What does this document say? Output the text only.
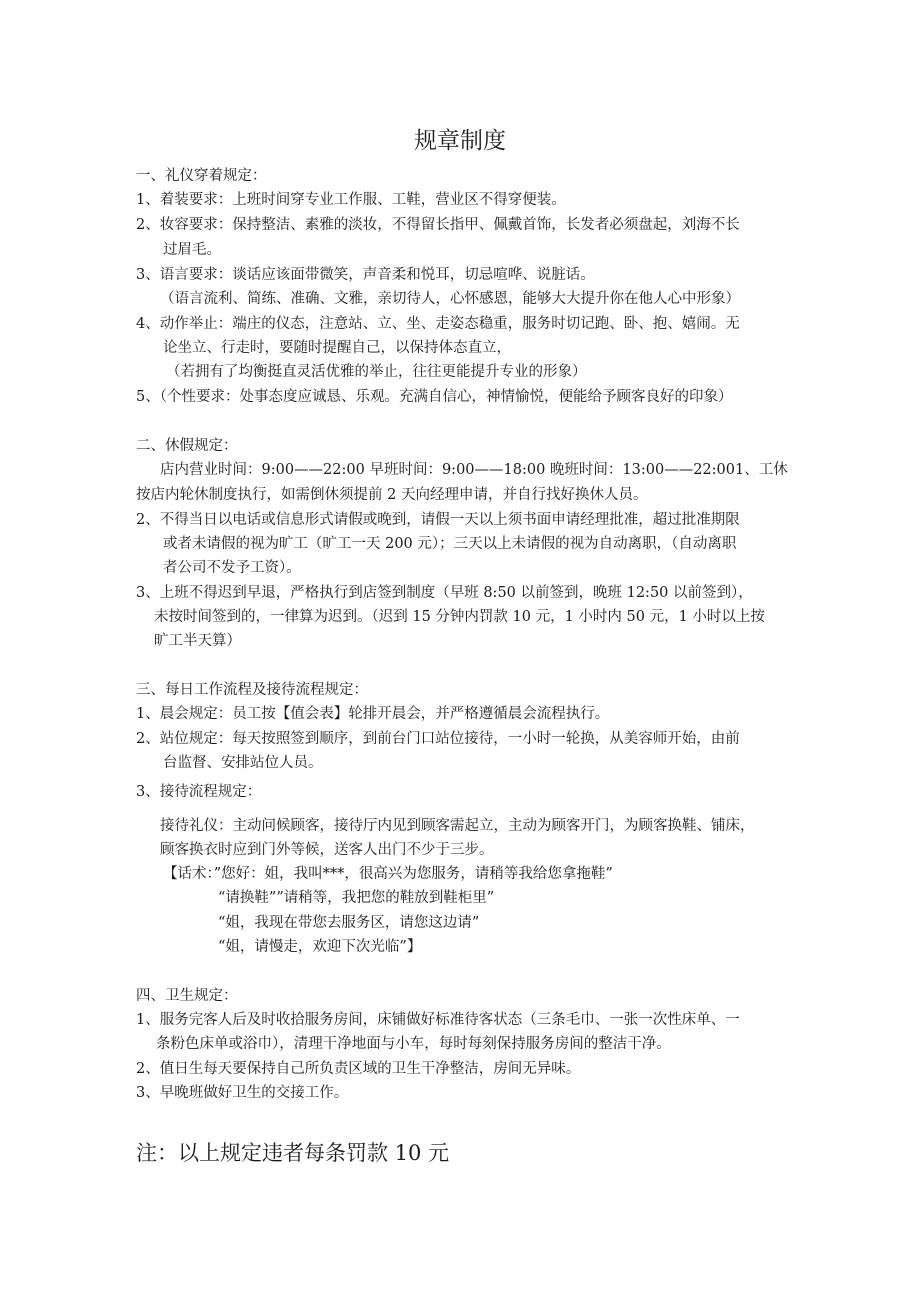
规章制度
一、礼仪穿着规定：
1、着装要求：上班时间穿专业工作服、工鞋，营业区不得穿便装。
2、妆容要求：保持整洁、素雅的淡妆，不得留长指甲、佩戴首饰，长发者必须盘起，刘海不长
过眉毛。
3、语言要求：谈话应该面带微笑，声音柔和悦耳，切忌喧哗、说脏话。
（语言流利、简练、准确、文雅，亲切待人，心怀感恩，能够大大提升你在他人心中形象）
4、动作举止：端庄的仪态，注意站、立、坐、走姿态稳重，服务时切记跑、卧、抱、嬉闹。无
论坐立、行走时，要随时提醒自己，以保持体态直立，
（若拥有了均衡挺直灵活优雅的举止，往往更能提升专业的形象）
5、（个性要求：处事态度应诚恳、乐观。充满自信心，神情愉悦，便能给予顾客良好的印象）
二、休假规定：
店内营业时间：9:00——22:00 早班时间：9:00——18:00 晚班时间：13:00——22:001、工休
按店内轮休制度执行，如需倒休须提前 2 天向经理申请，并自行找好换休人员。
2、不得当日以电话或信息形式请假或晚到，请假一天以上须书面申请经理批准，超过批准期限
或者未请假的视为旷工（旷工一天 200 元）；三天以上未请假的视为自动离职，（自动离职
者公司不发予工资）。
3、上班不得迟到早退，严格执行到店签到制度（早班 8:50 以前签到，晚班 12:50 以前签到），
未按时间签到的，一律算为迟到。（迟到 15 分钟内罚款 10 元，1 小时内 50 元，1 小时以上按
旷工半天算）
三、每日工作流程及接待流程规定：
1、晨会规定：员工按【值会表】轮排开晨会，并严格遵循晨会流程执行。
2、站位规定：每天按照签到顺序，到前台门口站位接待，一小时一轮换，从美容师开始，由前
台监督、安排站位人员。
3、接待流程规定：
接待礼仪：主动问候顾客，接待厅内见到顾客需起立，主动为顾客开门，为顾客换鞋、铺床，
顾客换衣时应到门外等候，送客人出门不少于三步。
【话术：”您好：姐，我叫***，很高兴为您服务，请稍等我给您拿拖鞋”
“请换鞋””请稍等，我把您的鞋放到鞋柜里”
“姐，我现在带您去服务区，请您这边请”
“姐，请慢走，欢迎下次光临”】
四、卫生规定：
1、服务完客人后及时收拾服务房间，床铺做好标准待客状态（三条毛巾、一张一次性床单、一
条粉色床单或浴巾），清理干净地面与小车，每时每刻保持服务房间的整洁干净。
2、值日生每天要保持自己所负责区域的卫生干净整洁，房间无异味。
3、早晚班做好卫生的交接工作。
注：以上规定违者每条罚款 10 元
